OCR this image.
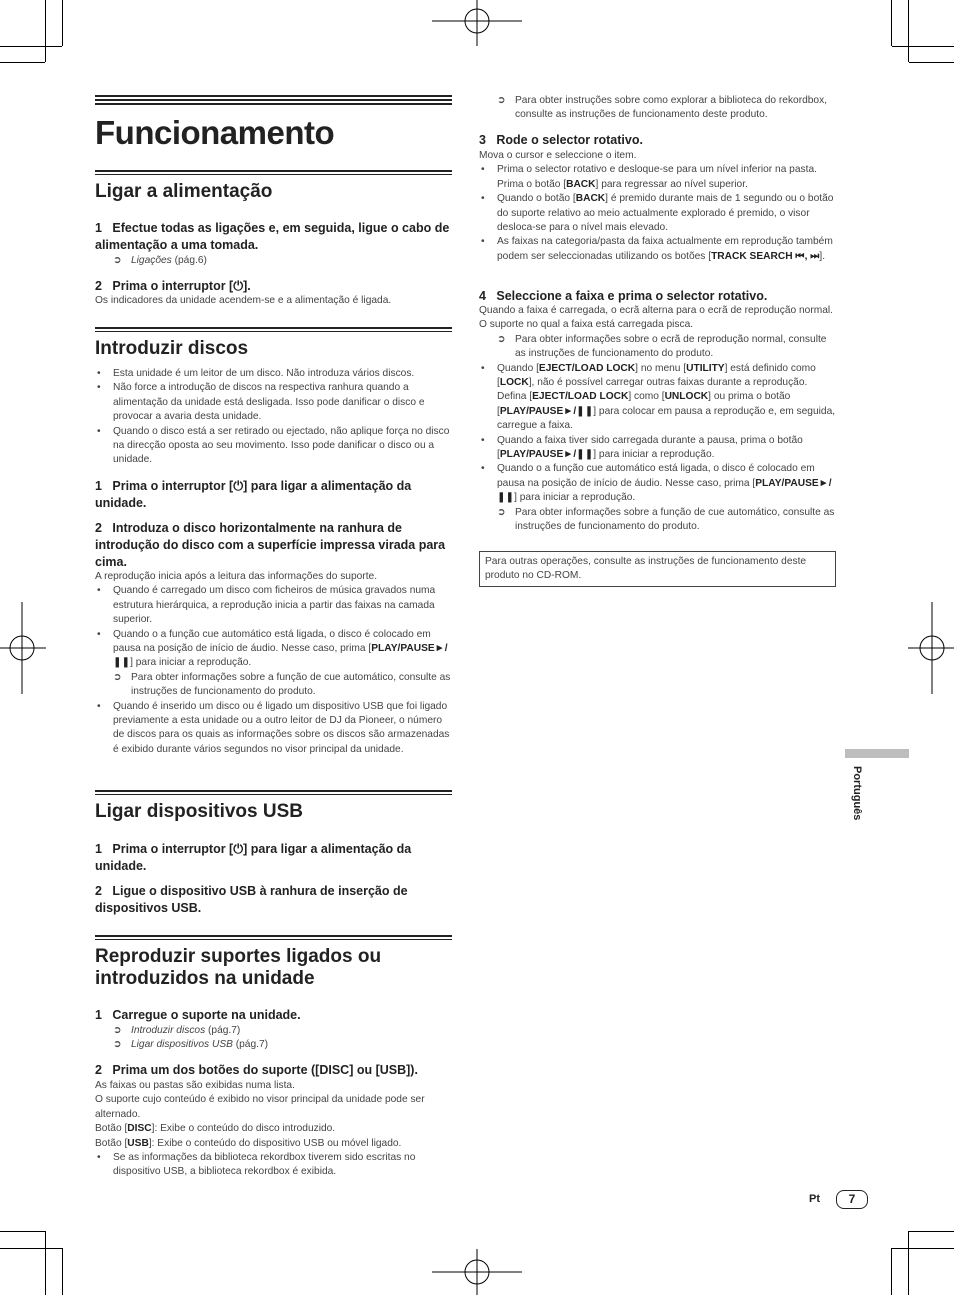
Funcionamento
Ligar a alimentação
1 Efectue todas as ligações e, em seguida, ligue o cabo de alimentação a uma tomada.
➲ Ligações (pág.6)
2 Prima o interruptor [⏻].
Os indicadores da unidade acendem-se e a alimentação é ligada.
Introduzir discos
• Esta unidade é um leitor de um disco. Não introduza vários discos.
• Não force a introdução de discos na respectiva ranhura quando a alimentação da unidade está desligada. Isso pode danificar o disco e provocar a avaria desta unidade.
• Quando o disco está a ser retirado ou ejectado, não aplique força no disco na direcção oposta ao seu movimento. Isso pode danificar o disco ou a unidade.
1 Prima o interruptor [⏻] para ligar a alimentação da unidade.
2 Introduza o disco horizontalmente na ranhura de introdução do disco com a superfície impressa virada para cima.
A reprodução inicia após a leitura das informações do suporte.
• Quando é carregado um disco com ficheiros de música gravados numa estrutura hierárquica, a reprodução inicia a partir das faixas na camada superior.
• Quando o a função cue automático está ligada, o disco é colocado em pausa na posição de início de áudio. Nesse caso, prima [PLAY/PAUSE►/❚❚] para iniciar a reprodução.
➲ Para obter informações sobre a função de cue automático, consulte as instruções de funcionamento do produto.
• Quando é inserido um disco ou é ligado um dispositivo USB que foi ligado previamente a esta unidade ou a outro leitor de DJ da Pioneer, o número de discos para os quais as informações sobre os discos são armazenadas é exibido durante vários segundos no visor principal da unidade.
Ligar dispositivos USB
1 Prima o interruptor [⏻] para ligar a alimentação da unidade.
2 Ligue o dispositivo USB à ranhura de inserção de dispositivos USB.
Reproduzir suportes ligados ou introduzidos na unidade
1 Carregue o suporte na unidade.
➲ Introduzir discos (pág.7)
➲ Ligar dispositivos USB (pág.7)
2 Prima um dos botões do suporte ([DISC] ou [USB]).
As faixas ou pastas são exibidas numa lista.
O suporte cujo conteúdo é exibido no visor principal da unidade pode ser alternado.
Botão [DISC]: Exibe o conteúdo do disco introduzido.
Botão [USB]: Exibe o conteúdo do dispositivo USB ou móvel ligado.
• Se as informações da biblioteca rekordbox tiverem sido escritas no dispositivo USB, a biblioteca rekordbox é exibida.
➲ Para obter instruções sobre como explorar a biblioteca do rekordbox, consulte as instruções de funcionamento deste produto.
3 Rode o selector rotativo.
Mova o cursor e seleccione o item.
• Prima o selector rotativo e desloque-se para um nível inferior na pasta. Prima o botão [BACK] para regressar ao nível superior.
• Quando o botão [BACK] é premido durante mais de 1 segundo ou o botão do suporte relativo ao meio actualmente explorado é premido, o visor desloca-se para o nível mais elevado.
• As faixas na categoria/pasta da faixa actualmente em reprodução também podem ser seleccionadas utilizando os botões [TRACK SEARCH ⏮, ⏭].
4 Seleccione a faixa e prima o selector rotativo.
Quando a faixa é carregada, o ecrã alterna para o ecrã de reprodução normal.
O suporte no qual a faixa está carregada pisca.
➲ Para obter informações sobre o ecrã de reprodução normal, consulte as instruções de funcionamento do produto.
• Quando [EJECT/LOAD LOCK] no menu [UTILITY] está definido como [LOCK], não é possível carregar outras faixas durante a reprodução. Defina [EJECT/LOAD LOCK] como [UNLOCK] ou prima o botão [PLAY/PAUSE►/❚❚] para colocar em pausa a reprodução e, em seguida, carregue a faixa.
• Quando a faixa tiver sido carregada durante a pausa, prima o botão [PLAY/PAUSE►/❚❚] para iniciar a reprodução.
• Quando o a função cue automático está ligada, o disco é colocado em pausa na posição de início de áudio. Nesse caso, prima [PLAY/PAUSE►/❚❚] para iniciar a reprodução.
➲ Para obter informações sobre a função de cue automático, consulte as instruções de funcionamento do produto.
Para outras operações, consulte as instruções de funcionamento deste produto no CD-ROM.
Português
Pt	7
